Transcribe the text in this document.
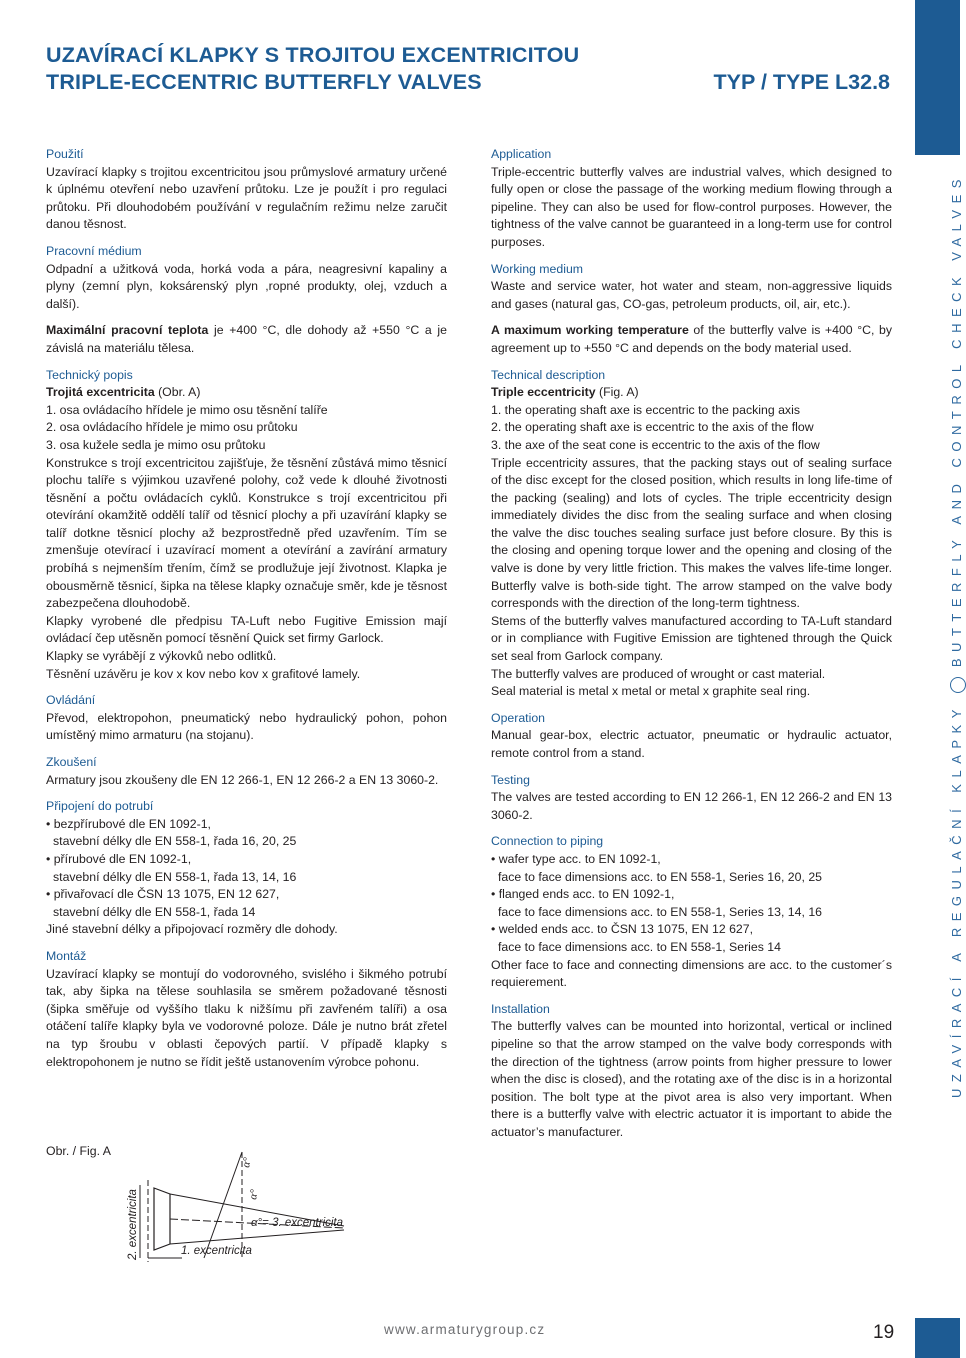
UZAVÍRACÍ KLAPKY S TROJITOU EXCENTRICITOU
TRIPLE-ECCENTRIC BUTTERFLY VALVES	TYP / TYPE L32.8
UZAVÍRACÍ A REGULAČNÍ KLAPKYBUTTERFLY AND CONTROL CHECK VALVES
Použití

Uzavírací klapky s trojitou excentricitou jsou průmyslové armatury určené k úplnému otevření nebo uzavření průtoku. Lze je použít i pro regulaci průtoku. Při dlouhodobém používání v regulačním režimu nelze zaručit danou těsnost.

Pracovní médium

Odpadní a užitková voda, horká voda a pára, neagresivní kapaliny a plyny (zemní plyn, koksárenský plyn ,ropné produkty, olej, vzduch a další).

Maximální pracovní teplota je +400 °C, dle dohody až +550 °C a je závislá na materiálu tělesa.

Technický popis
Trojitá excentricita (Obr. A)
1. osa ovládacího hřídele je mimo osu těsnění talíře
2. osa ovládacího hřídele je mimo osu průtoku
3. osa kužele sedla je mimo osu průtoku

Konstrukce s trojí excentricitou zajišťuje, že těsnění zůstává mimo těsnicí plochu talíře s výjimkou uzavřené polohy, což vede k dlouhé životnosti těsnění a počtu ovládacích cyklů. Konstrukce s trojí excentricitou při otevírání okamžitě oddělí talíř od těsnicí plochy a při uzavírání klapky se talíř dotkne těsnicí plochy až bezprostředně před uzavřením. Tím se zmenšuje otevírací i uzavírací moment a otevírání a zavírání armatury probíhá s nejmenším třením, čímž se prodlužuje její životnost. Klapka je obousměrně těsnicí, šipka na tělese klapky označuje směr, kde je těsnost zabezpečena dlouhodobě.

Klapky vyrobené dle předpisu TA-Luft nebo Fugitive Emission mají ovládací čep utěsněn pomocí těsnění Quick set firmy Garlock.

Klapky se vyrábějí z výkovků nebo odlitků.
Těsnění uzávěru je kov x kov nebo kov x grafitové lamely.
Ovládání

Převod, elektropohon, pneumatický nebo hydraulický pohon, pohon umístěný mimo armaturu (na stojanu).

Zkoušení

Armatury jsou zkoušeny dle EN 12 266-1, EN 12 266-2 a EN 13 3060-2.

Připojení do potrubí
• bezpřírubové dle EN 1092-1,
stavební délky dle EN 558-1, řada 16, 20, 25
• přírubové dle EN 1092-1,
stavební délky dle EN 558-1, řada 13, 14, 16
• přivařovací dle ČSN 13 1075, EN 12 627,
stavební délky dle EN 558-1, řada 14
Jiné stavební délky a připojovací rozměry dle dohody.
Montáž

Uzavírací klapky se montují do vodorovného, svislého i šikmého potrubí tak, aby šipka na tělese souhlasila se směrem požadované těsnosti (šipka směřuje od vyššího tlaku k nižšímu při zavřeném talíři) a osa otáčení talíře klapky byla ve vodorovné poloze. Dále je nutno brát zřetel na typ šroubu v oblasti čepových partií. V případě klapky s elektropohonem je nutno se řídit ještě ustanovením výrobce pohonu.

Application

Triple-eccentric butterfly valves are industrial valves, which designed to fully open or close the passage of the working medium flowing through a pipeline. They can also be used for flow-control purposes. However, the tightness of the valve cannot be guaranteed in a long-term use for control purposes.

Working medium

Waste and service water, hot water and steam, non-aggressive liquids and gases (natural gas, CO-gas, petroleum products, oil, air, etc.).

A maximum working temperature of the butterfly valve is +400 °C, by agreement up to +550 °C and depends on the body material used.

Technical description
Triple eccentricity (Fig. A)
1. the operating shaft axe is eccentric to the packing axis
2. the operating shaft axe is eccentric to the axis of the flow
3. the axe of the seat cone is eccentric to the axis of the flow

Triple eccentricity assures, that the packing stays out of sealing surface of the disc except for the closed position, which results in long life-time of the packing (sealing) and lots of cycles. The triple eccentricity design immediately divides the disc from the sealing surface and when closing the valve the disc touches sealing surface just before closure. By this is the closing and opening torque lower and the opening and closing of the valve is done by very little friction. This makes the valves life-time longer. Butterfly valve is both-side tight. The arrow stamped on the valve body corresponds with the direction of the long-term tightness.

Stems of the butterfly valves manufactured according to TA-Luft standard or in compliance with Fugitive Emission are tightened through the Quick set seal from Garlock company.

The butterfly valves are produced of wrought or cast material.
Seal material is metal x metal or metal x graphite seal ring.
Operation

Manual gear-box, electric actuator, pneumatic or hydraulic actuator, remote control from a stand.

Testing

The valves are tested according to EN 12 266-1, EN 12 266-2 and EN 13 3060-2.

Connection to piping
• wafer type acc. to EN 1092-1,
face to face dimensions acc. to EN 558-1, Series 16, 20, 25
• flanged ends acc. to EN 1092-1,
face to face dimensions acc. to EN 558-1, Series 13, 14, 16
• welded ends acc. to ČSN 13 1075, EN 12 627,
face to face dimensions acc. to EN 558-1, Series 14

Other face to face and connecting dimensions are acc. to the customer´s requierement.

Installation

The butterfly valves can be mounted into horizontal, vertical or inclined pipeline so that the arrow stamped on the valve body corresponds with the direction of the tightness (arrow points from higher pressure to lower when the disc is closed), and the rotating axe of the disc is in a horizontal position. The bolt type at the pivot area is also very important. When there is a butterfly valve with electric actuator it is important to abide the actuator’s manufacturer.

Obr. / Fig. A
α°
α°
α°= 3. excentricita
1. excentricita
2. excentricita
www.armaturygroup.cz	19
